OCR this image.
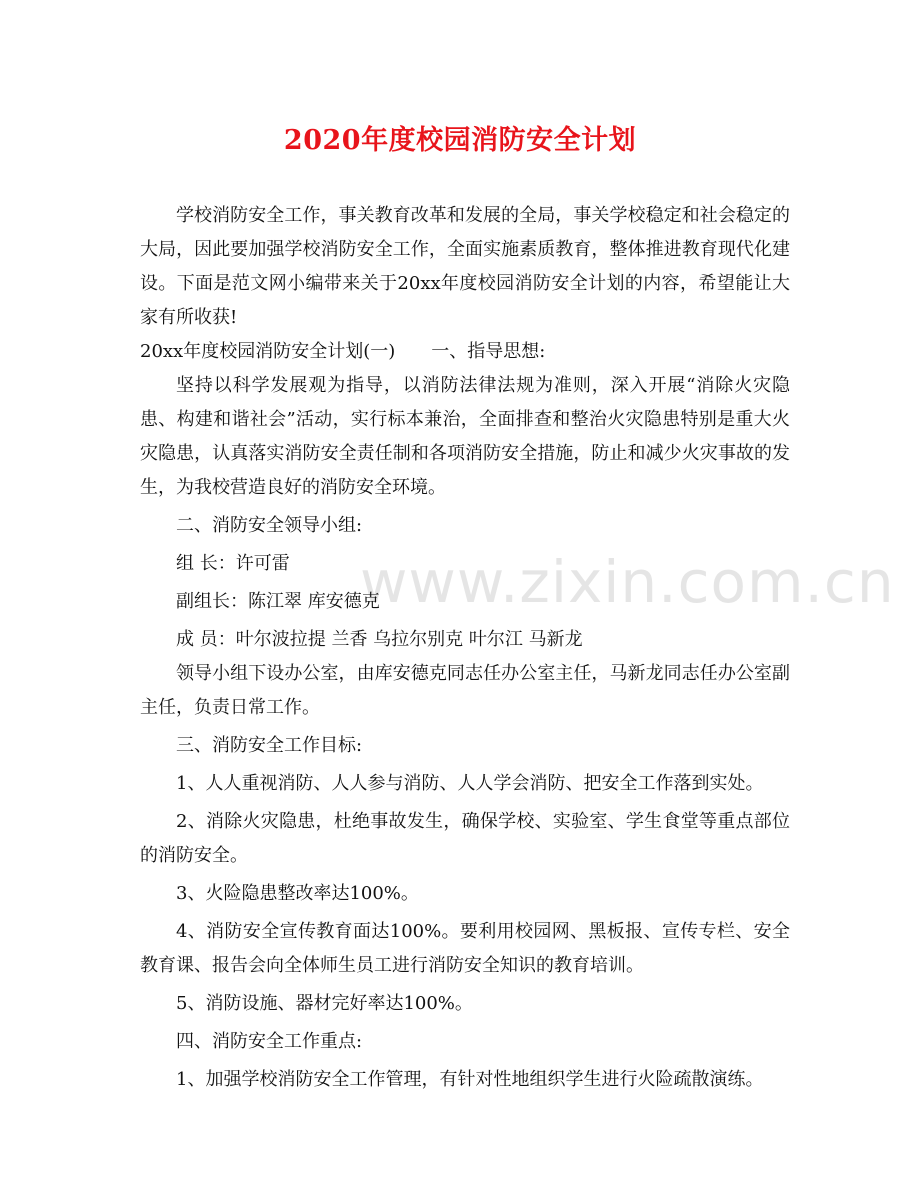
2020年度校园消防安全计划
www.zixin.com.cn

学校消防安全工作，事关教育改革和发展的全局，事关学校稳定和社会稳定的大局，因此要加强学校消防安全工作，全面实施素质教育，整体推进教育现代化建设。下面是范文网小编带来关于20xx年度校园消防安全计划的内容，希望能让大家有所收获!

20xx年度校园消防安全计划(一)　　一、指导思想:

坚持以科学发展观为指导，以消防法律法规为准则，深入开展“消除火灾隐患、构建和谐社会”活动，实行标本兼治，全面排查和整治火灾隐患特别是重大火灾隐患，认真落实消防安全责任制和各项消防安全措施，防止和减少火灾事故的发生，为我校营造良好的消防安全环境。

二、消防安全领导小组:

组 长：许可雷

副组长：陈江翠 库安德克

成 员：叶尔波拉提 兰香 乌拉尔别克 叶尔江 马新龙

领导小组下设办公室，由库安德克同志任办公室主任，马新龙同志任办公室副主任，负责日常工作。

三、消防安全工作目标:

1、人人重视消防、人人参与消防、人人学会消防、把安全工作落到实处。

2、消除火灾隐患，杜绝事故发生，确保学校、实验室、学生食堂等重点部位的消防安全。

3、火险隐患整改率达100%。

4、消防安全宣传教育面达100%。要利用校园网、黑板报、宣传专栏、安全教育课、报告会向全体师生员工进行消防安全知识的教育培训。

5、消防设施、器材完好率达100%。

四、消防安全工作重点:

1、加强学校消防安全工作管理，有针对性地组织学生进行火险疏散演练。
